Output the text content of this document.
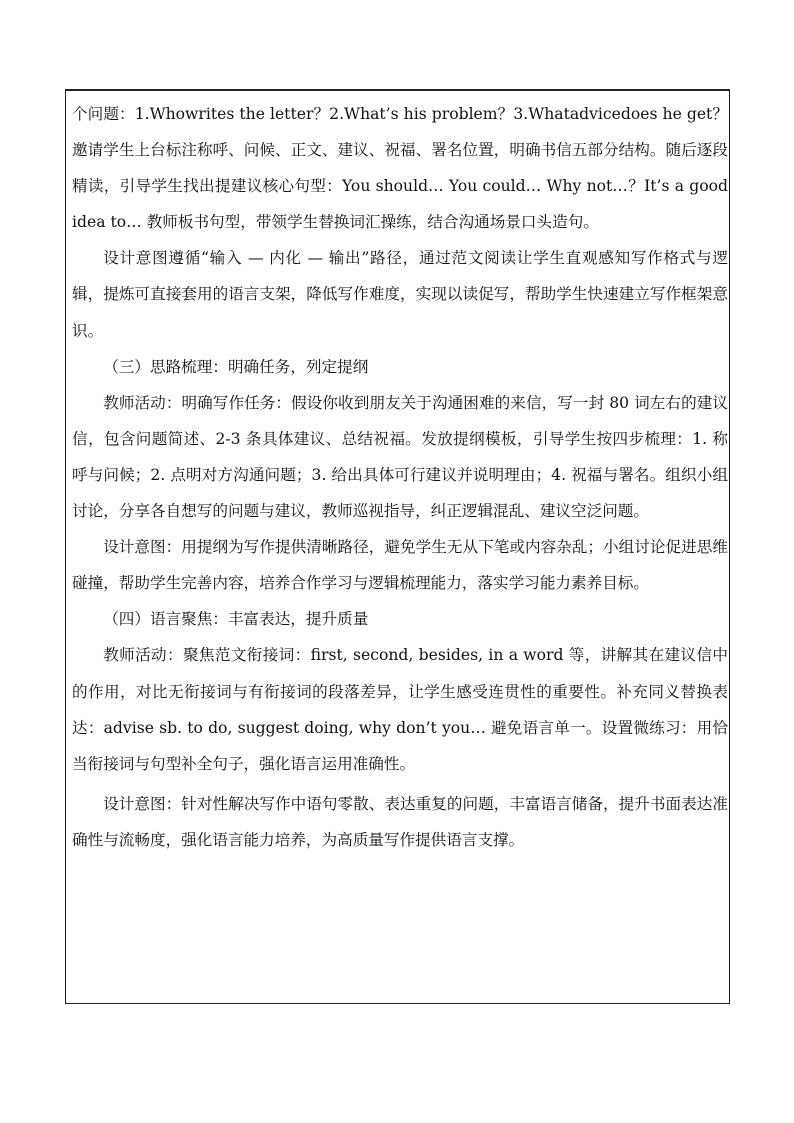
个问题：1.Whowrites the letter？2.What’s his problem？3.Whatadvicedoes he get？邀请学生上台标注称呼、问候、正文、建议、祝福、署名位置，明确书信五部分结构。随后逐段精读，引导学生找出提建议核心句型：You should… You could… Why not…？It’s a good idea to… 教师板书句型，带领学生替换词汇操练，结合沟通场景口头造句。

设计意图遵循“输入 — 内化 — 输出”路径，通过范文阅读让学生直观感知写作格式与逻辑，提炼可直接套用的语言支架，降低写作难度，实现以读促写，帮助学生快速建立写作框架意识。

（三）思路梳理：明确任务，列定提纲

教师活动：明确写作任务：假设你收到朋友关于沟通困难的来信，写一封 80 词左右的建议信，包含问题简述、2-3 条具体建议、总结祝福。发放提纲模板，引导学生按四步梳理：1. 称呼与问候；2. 点明对方沟通问题；3. 给出具体可行建议并说明理由；4. 祝福与署名。组织小组讨论，分享各自想写的问题与建议，教师巡视指导，纠正逻辑混乱、建议空泛问题。

设计意图：用提纲为写作提供清晰路径，避免学生无从下笔或内容杂乱；小组讨论促进思维碰撞，帮助学生完善内容，培养合作学习与逻辑梳理能力，落实学习能力素养目标。

（四）语言聚焦：丰富表达，提升质量

教师活动：聚焦范文衔接词：first, second, besides, in a word 等，讲解其在建议信中的作用，对比无衔接词与有衔接词的段落差异，让学生感受连贯性的重要性。补充同义替换表达：advise sb. to do, suggest doing, why don’t you… 避免语言单一。设置微练习：用恰当衔接词与句型补全句子，强化语言运用准确性。

设计意图：针对性解决写作中语句零散、表达重复的问题，丰富语言储备，提升书面表达准确性与流畅度，强化语言能力培养，为高质量写作提供语言支撑。
